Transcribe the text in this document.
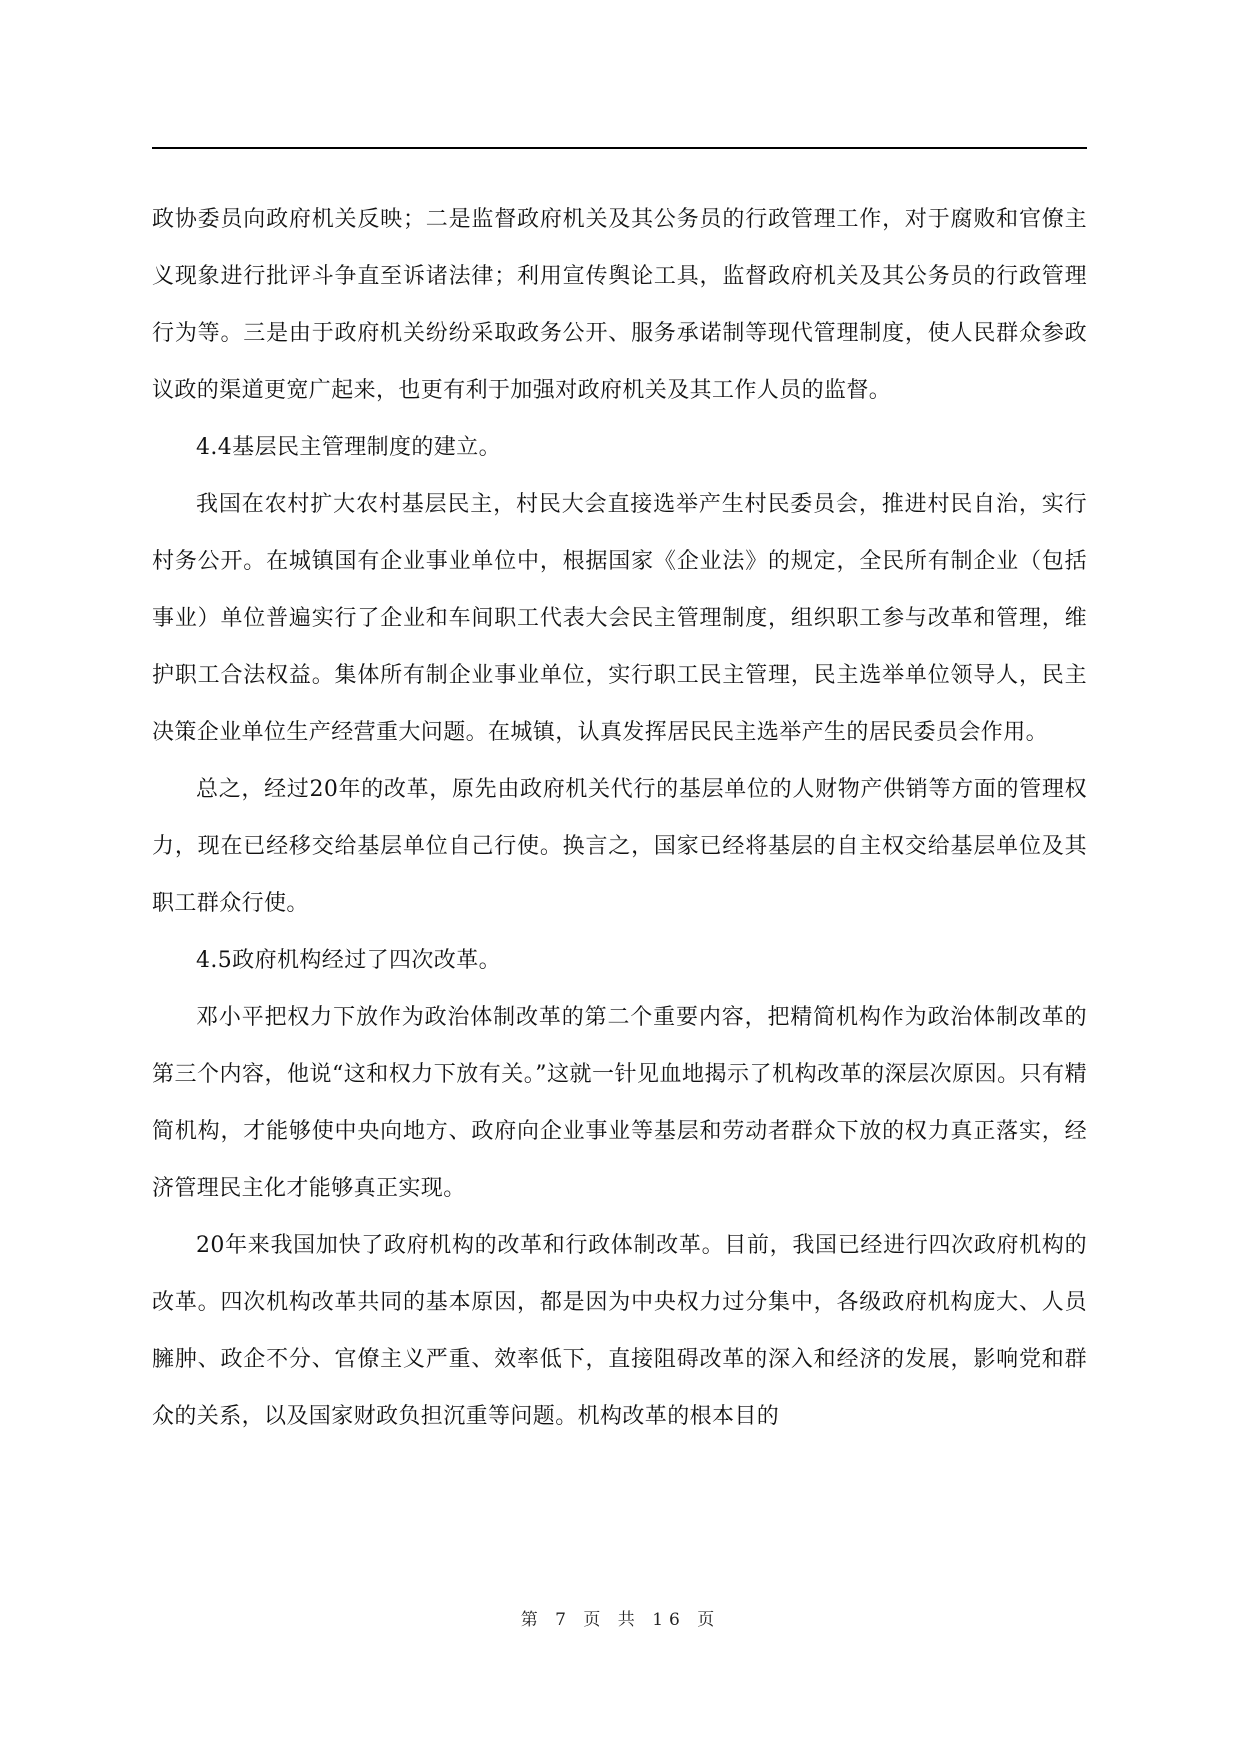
政协委员向政府机关反映；二是监督政府机关及其公务员的行政管理工作，对于腐败和官僚主义现象进行批评斗争直至诉诸法律；利用宣传舆论工具，监督政府机关及其公务员的行政管理行为等。三是由于政府机关纷纷采取政务公开、服务承诺制等现代管理制度，使人民群众参政议政的渠道更宽广起来，也更有利于加强对政府机关及其工作人员的监督。

4.4基层民主管理制度的建立。

我国在农村扩大农村基层民主，村民大会直接选举产生村民委员会，推进村民自治，实行村务公开。在城镇国有企业事业单位中，根据国家《企业法》的规定，全民所有制企业（包括事业）单位普遍实行了企业和车间职工代表大会民主管理制度，组织职工参与改革和管理，维护职工合法权益。集体所有制企业事业单位，实行职工民主管理，民主选举单位领导人，民主决策企业单位生产经营重大问题。在城镇，认真发挥居民民主选举产生的居民委员会作用。

总之，经过20年的改革，原先由政府机关代行的基层单位的人财物产供销等方面的管理权力，现在已经移交给基层单位自己行使。换言之，国家已经将基层的自主权交给基层单位及其职工群众行使。

4.5政府机构经过了四次改革。

邓小平把权力下放作为政治体制改革的第二个重要内容，把精简机构作为政治体制改革的第三个内容，他说“这和权力下放有关。”这就一针见血地揭示了机构改革的深层次原因。只有精简机构，才能够使中央向地方、政府向企业事业等基层和劳动者群众下放的权力真正落实，经济管理民主化才能够真正实现。

20年来我国加快了政府机构的改革和行政体制改革。目前，我国已经进行四次政府机构的改革。四次机构改革共同的基本原因，都是因为中央权力过分集中，各级政府机构庞大、人员臃肿、政企不分、官僚主义严重、效率低下，直接阻碍改革的深入和经济的发展，影响党和群众的关系，以及国家财政负担沉重等问题。机构改革的根本目的

第 7 页 共 16 页
